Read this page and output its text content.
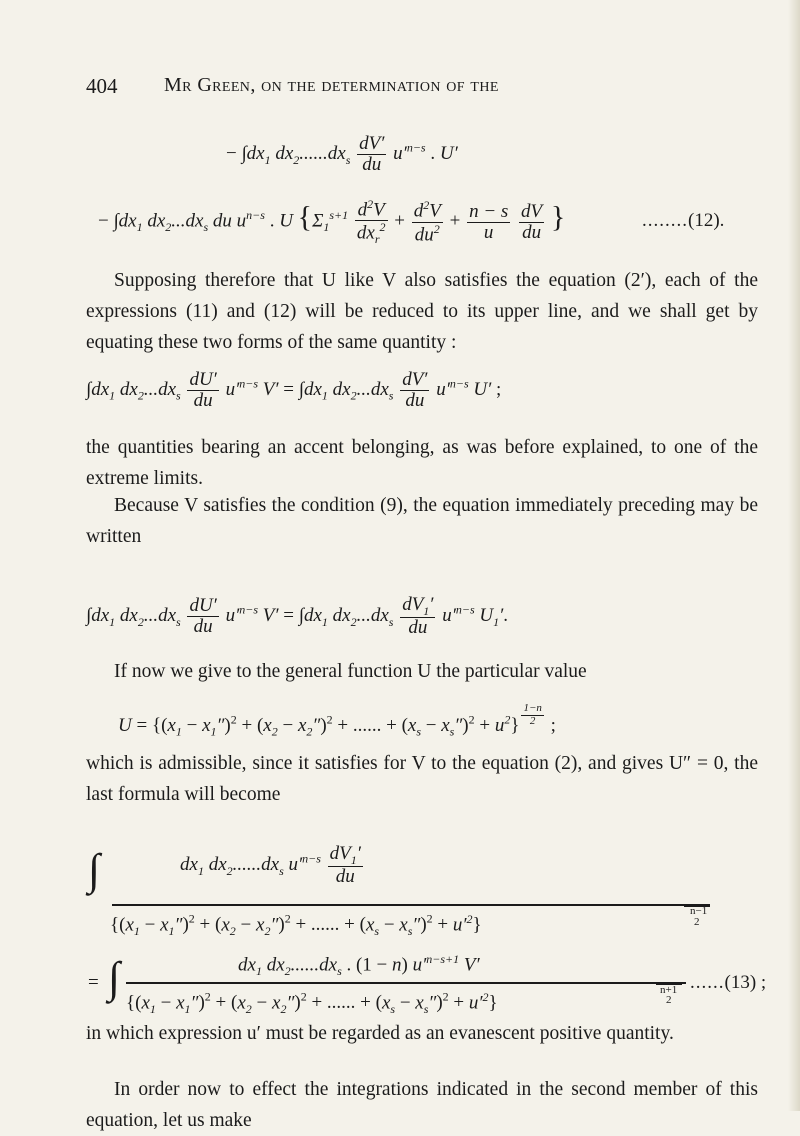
404 Mr Green, on the determination of the
− $\int dx_1$ $dx_2......dx_s \frac{dV'}{du} u'^{n-s}$ . U′
− $\int dx_1$ $dx_2...dx_s$ du $u^{n-s}$ . U {$\Sigma_1^{s+1} \frac{d^2V}{dx_r^2} + \frac{d^2V}{du^2} + \frac{n - s}{u}$
$\frac{dV}{du}$ }	........(12).
Supposing therefore that U like V also satisfies the equation (2′), each of the expressions (11) and (12) will be reduced to its upper line, and we shall get by equating these two forms of the same quantity :
$\int dx_1$ $dx_2...dx_s \frac{dU'}{du} u'^{n-s}$ $V' = \int dx_1$ $dx_2...dx_s \frac{dV'}{du} u'^{n-s}$ U′ ;
the quantities bearing an accent belonging, as was before explained, to one of the extreme limits.
Because V satisfies the condition (9), the equation immediately preceding may be written
$\int dx_1$ $dx_2...dx_s \frac{dU'}{du} u'^{n-s}$ $V' = \int dx_1$ $dx_2...dx_s \frac{dV_1'}{du} u'^{n-s}$ $U_1'$.
If now we give to the general function U the particular value
$U = \{(x_1 - x_1'')^2 + (x_2 - x_2'')^2$ + ...... + $(x_s - x_s'')^2 + u^2\} \frac{1-n}{2}$ ;
which is admissible, since it satisfies for V to the equation (2), and gives U″ = 0, the last formula will become
∫	$dx_1$ $dx_2......dx_s$ $u'^{n-s} \frac{dV_1'}{du}$
n−1
{$(x_1 - x_1'')^2 + (x_2 - x_2'')^2$ + ...... + $(x_s - x_s'')^2 + u'^2$}	2
= ∫	$dx_1$ $dx_2......dx_s$ . (1 − n) $u'^{n-s+1}$ V′
n+1
{$(x_1 - x_1'')^2 + (x_2 - x_2'')^2$ + ...... + $(x_s - x_s'')^2 + u'^2$}	2
......(13) ;
in which expression u′ must be regarded as an evanescent positive quantity.
In order now to effect the integrations indicated in the second member of this equation, let us make
